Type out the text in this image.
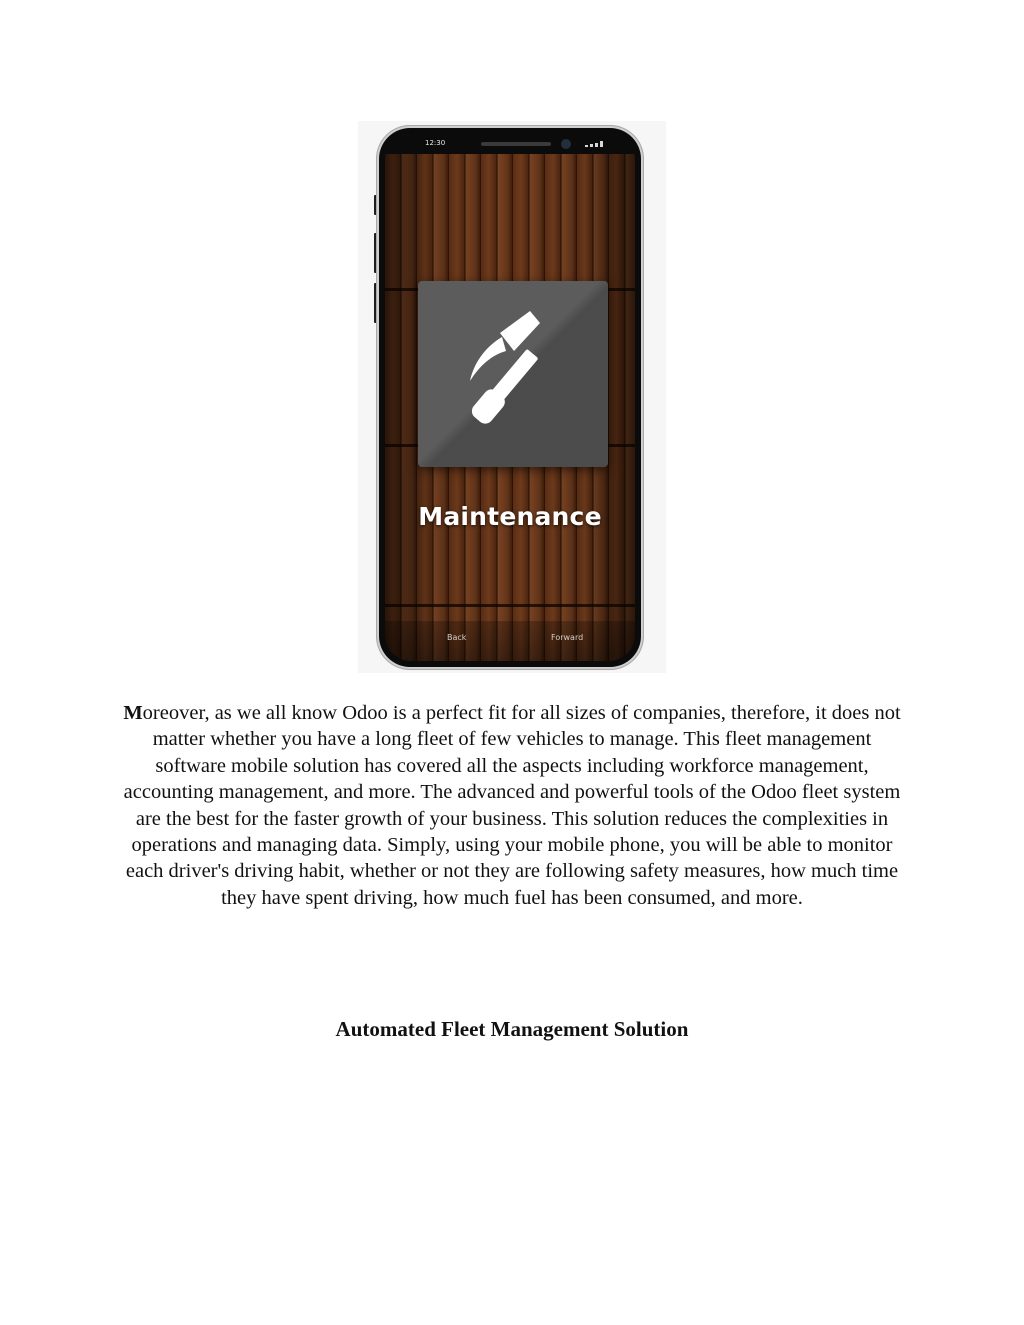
12:30
Maintenance
Back	Forward

Moreover, as we all know Odoo is a perfect fit for all sizes of companies, therefore, it does not matter whether you have a long fleet of few vehicles to manage. This fleet management software mobile solution has covered all the aspects including workforce management, accounting management, and more. The advanced and powerful tools of the Odoo fleet system are the best for the faster growth of your business. This solution reduces the complexities in operations and managing data. Simply, using your mobile phone, you will be able to monitor each driver's driving habit, whether or not they are following safety measures, how much time they have spent driving, how much fuel has been consumed, and more.

Automated Fleet Management Solution
